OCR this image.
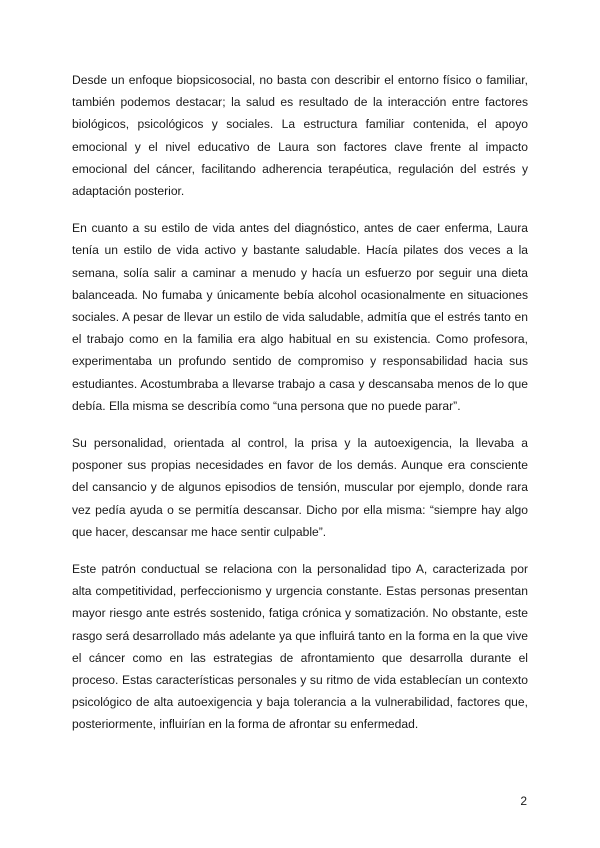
Desde un enfoque biopsicosocial, no basta con describir el entorno físico o familiar, también podemos destacar; la salud es resultado de la interacción entre factores biológicos, psicológicos y sociales. La estructura familiar contenida, el apoyo emocional y el nivel educativo de Laura son factores clave frente al impacto emocional del cáncer, facilitando adherencia terapéutica, regulación del estrés y adaptación posterior.

En cuanto a su estilo de vida antes del diagnóstico, antes de caer enferma, Laura tenía un estilo de vida activo y bastante saludable. Hacía pilates dos veces a la semana, solía salir a caminar a menudo y hacía un esfuerzo por seguir una dieta balanceada. No fumaba y únicamente bebía alcohol ocasionalmente en situaciones sociales. A pesar de llevar un estilo de vida saludable, admitía que el estrés tanto en el trabajo como en la familia era algo habitual en su existencia. Como profesora, experimentaba un profundo sentido de compromiso y responsabilidad hacia sus estudiantes. Acostumbraba a llevarse trabajo a casa y descansaba menos de lo que debía. Ella misma se describía como “una persona que no puede parar”.

Su personalidad, orientada al control, la prisa y la autoexigencia, la llevaba a posponer sus propias necesidades en favor de los demás. Aunque era consciente del cansancio y de algunos episodios de tensión, muscular por ejemplo, donde rara vez pedía ayuda o se permitía descansar. Dicho por ella misma: “siempre hay algo que hacer, descansar me hace sentir culpable”.

Este patrón conductual se relaciona con la personalidad tipo A, caracterizada por alta competitividad, perfeccionismo y urgencia constante. Estas personas presentan mayor riesgo ante estrés sostenido, fatiga crónica y somatización. No obstante, este rasgo será desarrollado más adelante ya que influirá tanto en la forma en la que vive el cáncer como en las estrategias de afrontamiento que desarrolla durante el proceso. Estas características personales y su ritmo de vida establecían un contexto psicológico de alta autoexigencia y baja tolerancia a la vulnerabilidad, factores que, posteriormente, influirían en la forma de afrontar su enfermedad.

2
